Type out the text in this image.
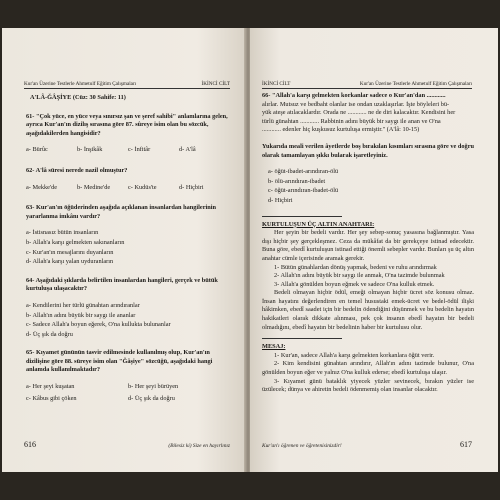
Kur'an Üzerine Testlerle Ahmetulf Eğitim Çalışmaları	İKİNCİ CİLT

A'LÂ-ĞÂŞİYE (Cüz: 30 Sahife: 11)

61- "Çok yüce, en yüce veya sınırsız şan ve şeref sahibi" anlamlarına gelen, ayrıca Kur'an'ın dizilış sırasına göre 87. sûreye isim olan bu sözcük, aşağıdakilerden hangisidir?

a- Bürûc	b- İnşikâk	c- İnfitâr	d- A'lâ

62- A'lâ süresi nerede nazil olmuştur?

a- Mekke'de	b- Medine'de	c- Kudüs'te	d- Hiçbiri

63- Kur'an'ın öğüderinden aşağıda açıklanan insanlardan hangilerinin yararlanma imkânı vardır?

a- İstisnasız bütün insanların

b- Allah'a karşı gelmekten sakınanların

c- Kur'an'ın mesajlarını duyanların

d- Allah'a karşı yalan uyduranların

64- Aşağıdaki şıklarda belirtilen insanlardan hangileri, gerçek ve bütük kurtuluşa ulaşacaktır?

a- Kendilerini her türlü günahtan arındıranlar

b- Allah'ın adını büyük bir saygı ile ananlar

c- Sadece Allah'a boyun eğerek, O'na kullukta bulunanlar

d- Üç şık da doğru

65- Kıyamet gününün tasvir edilmesinde kullanılmış olup, Kur'an'ın dizilişine göre 88. süreye isim olan "Ğâşiye" sözcüğü, aşağıdaki hangi anlamda kullanılmaktadır?

a- Her şeyi kuşatan	b- Her şeyi bürüyen
c- Kâbus gibi çöken	d- Üç şık da doğru
616	(Bilesiz ki) Size en hayırlınız
İKİNCİ CİLT	Kur'an Üzerine Testlerle Ahmetulf Eğitim Çalışmaları

66- "Allah'a karşı gelmekten korkanlar sadece o Kur'an'dan ............

alırlar. Mutsuz ve bedbaht olanlar ise ondan uzaklaşırlar. İşte böyleleri bü-

yük ateşe atılacaklardır. Orada ne ............ ne de diri kalacaktır. Kendisini her

türlü günahtan ............ Rabbinin adını büyük bir saygı ile anan ve O'na

............ edenler hiç kuşkusuz kurtuluşa ermiştir." (A'lâ: 10-15)

Yukarıda meali verilen âyetlerde boş bırakılan kısımları sırasına göre ve doğru olarak tamamlayan şıkkı bularak işaretleyiniz.

a- öğüt-ibadet-arındıran-ölü

b- ölü-arındıran-ibadet

c- öğüt-arındıran-ibadet-ölü

d- Hiçbiri

KURTULUŞUN ÜÇ ALTIN ANAHTARI:

Her şeyin bir bedeli vardır. Her şey sebep-sonuç yasasına bağlanmıştır. Yasa dışı hiçbir şey gerçekleşmez. Ceza da mükâfat da bir gerekçeye istinad edecektir. Buna göre, ebedî kurtuluşun istinad ettiği önemli sebepler vardır. Bunları şu üç altın anahtar cümle içerisinde aramak gerekir.

1- Bütün günahlardan dönüş yapmak, bedeni ve ruhu arındırmak

2- Allah'ın adını büyük bir saygı ile anmak, O'na tazimde bulunmak

3- Allah'a gönülden boyun eğmek ve sadece O'na kulluk etmek.

Bedeli olmayan hiçbir ödül, emeği olmayan hiçbir ücret söz konusu olmaz. İnsan hayatını değerlendiren en temel husustaki emek-ücret ve bedel-ödül ilişki hâkimken, ebedî saadet için bir bedelin ödendiğini düşünmek ve bu bedelin hayatın hakikatleri olarak dikkate alınması, pek çok insanın ebedî hayatın bir bedeli olmadığını, ebedî hayatın bir bedelinin haber bir kurtulusu olur.

MESAJ:

1- Kur'an, sadece Allah'a karşı gelmekten korkanlara öğüt verir.

2- Kim kendisini günahtan arındırır, Allah'ın adını tazimde bulunur, O'na gönülden boyun eğer ve yalnız O'na kulluk ederse; ebedî kurtuluşa ulaşır.

3- Kıyamet günü bataklık yiyecek yüzler sevinecek, bırakın yüzler ise üzülecek; dünya ve ahiretin bedeli ödenmemiş olan insanlar olacaktır.

Kur'an'ı öğrenen ve öğretenisinizdir!	617
